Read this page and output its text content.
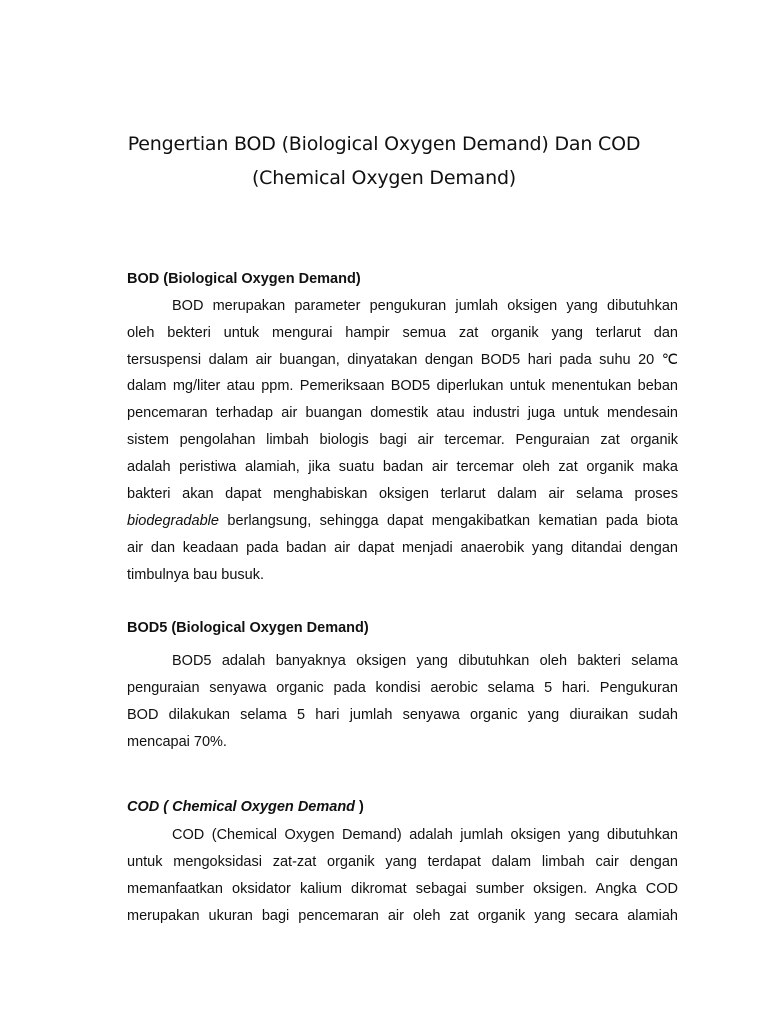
Pengertian BOD (Biological Oxygen Demand) Dan COD
(Chemical Oxygen Demand)
BOD (Biological Oxygen Demand)
BOD merupakan parameter pengukuran jumlah oksigen yang dibutuhkan
oleh bekteri untuk mengurai hampir semua zat organik yang terlarut dan
tersuspensi dalam air buangan, dinyatakan dengan BOD5 hari pada suhu 20 ℃
dalam mg/liter atau ppm. Pemeriksaan BOD5 diperlukan untuk menentukan beban
pencemaran terhadap air buangan domestik atau industri juga untuk mendesain
sistem pengolahan limbah biologis bagi air tercemar. Penguraian zat organik
adalah peristiwa alamiah, jika suatu badan air tercemar oleh zat organik maka
bakteri akan dapat menghabiskan oksigen terlarut dalam air selama proses
biodegradable berlangsung, sehingga dapat mengakibatkan kematian pada biota
air dan keadaan pada badan air dapat menjadi anaerobik yang ditandai dengan
timbulnya bau busuk.
BOD5 (Biological Oxygen Demand)
BOD5 adalah banyaknya oksigen yang dibutuhkan oleh bakteri selama
penguraian senyawa organic pada kondisi aerobic selama 5 hari. Pengukuran
BOD dilakukan selama 5 hari jumlah senyawa organic yang diuraikan sudah
mencapai 70%.
COD ( Chemical Oxygen Demand )
COD (Chemical Oxygen Demand) adalah jumlah oksigen yang dibutuhkan
untuk mengoksidasi zat-zat organik yang terdapat dalam limbah cair dengan
memanfaatkan oksidator kalium dikromat sebagai sumber oksigen. Angka COD
merupakan ukuran bagi pencemaran air oleh zat organik yang secara alamiah
